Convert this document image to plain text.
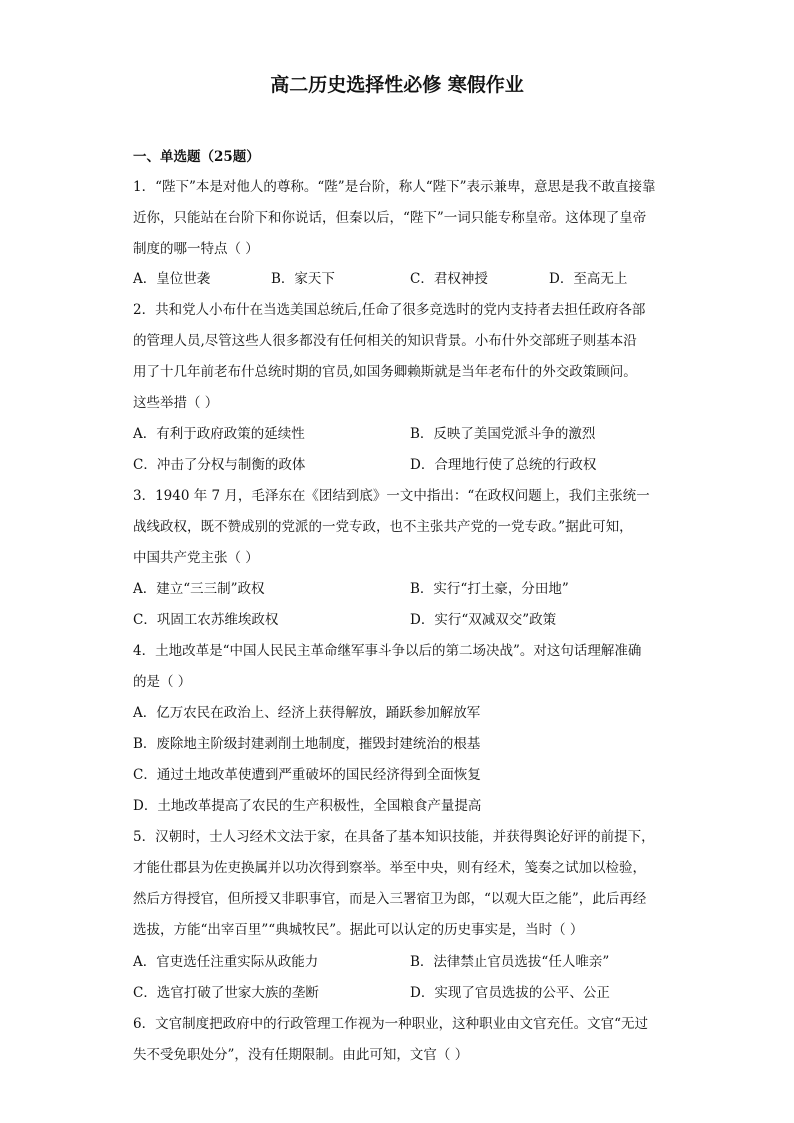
高二历史选择性必修 寒假作业
一、单选题（25题）
1．“陛下”本是对他人的尊称。“陛”是台阶，称人“陛下”表示兼卑，意思是我不敢直接靠
近你，只能站在台阶下和你说话，但秦以后，“陛下”一词只能专称皇帝。这体现了皇帝
制度的哪一特点（ ）
A．皇位世袭	B．家天下	C．君权神授	D．至高无上
2．共和党人小布什在当选美国总统后,任命了很多竞选时的党内支持者去担任政府各部
的管理人员,尽管这些人很多都没有任何相关的知识背景。小布什外交部班子则基本沿
用了十几年前老布什总统时期的官员,如国务卿赖斯就是当年老布什的外交政策顾问。
这些举措（ ）
A．有利于政府政策的延续性	B．反映了美国党派斗争的激烈
C．冲击了分权与制衡的政体	D．合理地行使了总统的行政权
3．1940 年 7 月，毛泽东在《团结到底》一文中指出：“在政权问题上，我们主张统一
战线政权，既不赞成别的党派的一党专政，也不主张共产党的一党专政。”据此可知，
中国共产党主张（ ）
A．建立“三三制”政权	B．实行“打土豪，分田地”
C．巩固工农苏维埃政权	D．实行“双减双交”政策
4．土地改革是“中国人民民主革命继军事斗争以后的第二场决战”。对这句话理解准确
的是（ ）
A．亿万农民在政治上、经济上获得解放，踊跃参加解放军
B．废除地主阶级封建剥削土地制度，摧毁封建统治的根基
C．通过土地改革使遭到严重破坏的国民经济得到全面恢复
D．土地改革提高了农民的生产积极性，全国粮食产量提高
5．汉朝时，士人习经术文法于家，在具备了基本知识技能，并获得舆论好评的前提下，
才能仕郡县为佐吏换属并以功次得到察举。举至中央，则有经术，笺奏之试加以检验，
然后方得授官，但所授又非职事官，而是入三署宿卫为郎，“以观大臣之能”，此后再经
选拔，方能“出宰百里”“典城牧民”。据此可以认定的历史事实是，当时（ ）
A．官吏选任注重实际从政能力	B．法律禁止官员选拔“任人唯亲”
C．选官打破了世家大族的垄断	D．实现了官员选拔的公平、公正
6．文官制度把政府中的行政管理工作视为一种职业，这种职业由文官充任。文官“无过
失不受免职处分”，没有任期限制。由此可知，文官（ ）
